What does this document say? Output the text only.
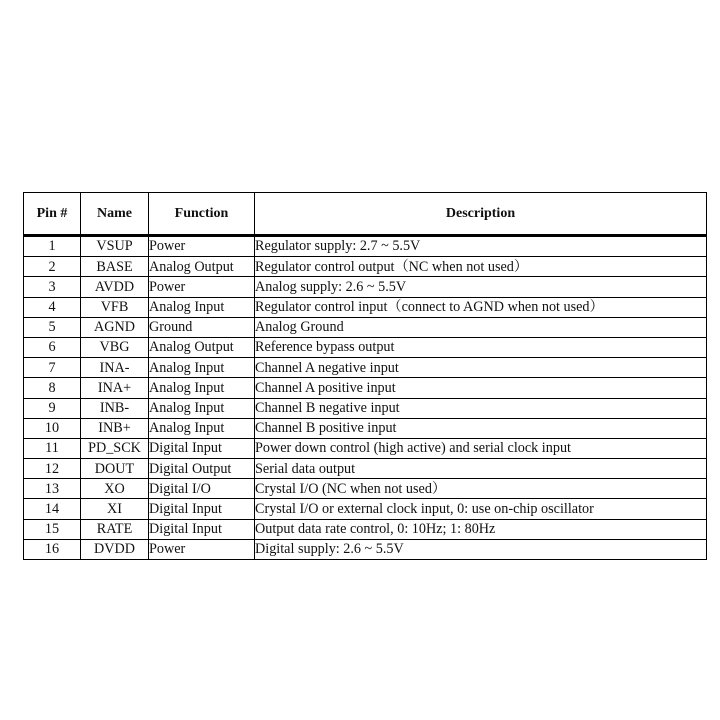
Pin #	Name	Function	Description
1	VSUP	Power	Regulator supply: 2.7 ~ 5.5V
2	BASE	Analog Output	Regulator control output（NC when not used）
3	AVDD	Power	Analog supply: 2.6 ~ 5.5V
4	VFB	Analog Input	Regulator control input（connect to AGND when not used）
5	AGND	Ground	Analog Ground
6	VBG	Analog Output	Reference bypass output
7	INA-	Analog Input	Channel A negative input
8	INA+	Analog Input	Channel A positive input
9	INB-	Analog Input	Channel B negative input
10	INB+	Analog Input	Channel B positive input
11	PD_SCK	Digital Input	Power down control (high active) and serial clock input
12	DOUT	Digital Output	Serial data output
13	XO	Digital I/O	Crystal I/O (NC when not used）
14	XI	Digital Input	Crystal I/O or external clock input, 0: use on-chip oscillator
15	RATE	Digital Input	Output data rate control, 0: 10Hz; 1: 80Hz
16	DVDD	Power	Digital supply: 2.6 ~ 5.5V
